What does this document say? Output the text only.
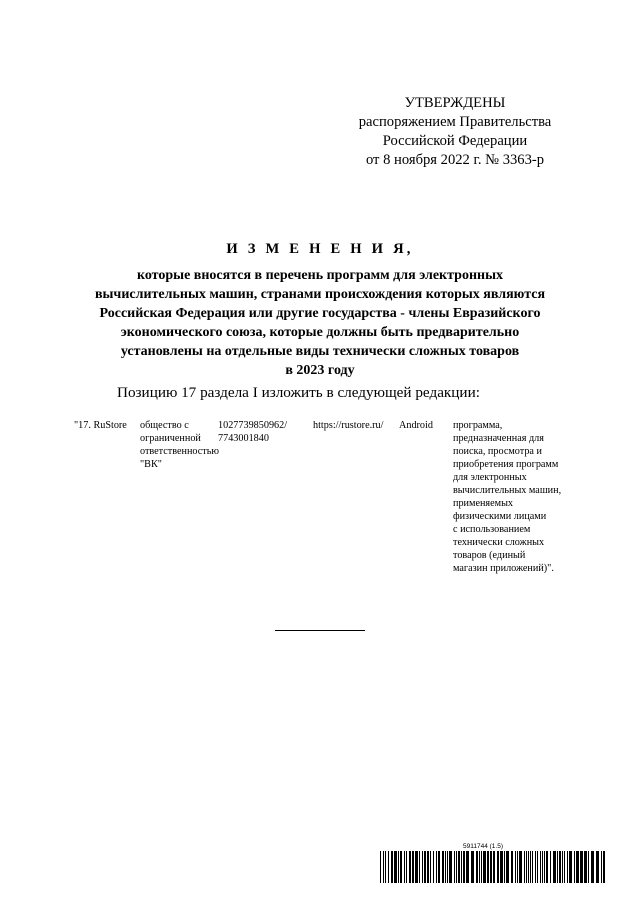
УТВЕРЖДЕНЫ
распоряжением Правительства
Российской Федерации
от 8 ноября 2022 г. № 3363-р
И З М Е Н Е Н И Я,
которые вносятся в перечень программ для электронных
вычислительных машин, странами происхождения которых являются
Российская Федерация или другие государства - члены Евразийского
экономического союза, которые должны быть предварительно
установлены на отдельные виды технически сложных товаров
в 2023 году
Позицию 17 раздела I изложить в следующей редакции:
"17. RuStore общество с
ограниченной
ответственностью
"ВК"
1027739850962/
7743001840
https://rustore.ru/ Android программа,
предназначенная для
поиска, просмотра и
приобретения программ
для электронных
вычислительных машин,
применяемых
физическими лицами
с использованием
технически сложных
товаров (единый
магазин приложений)".
5911744 (1.5)
